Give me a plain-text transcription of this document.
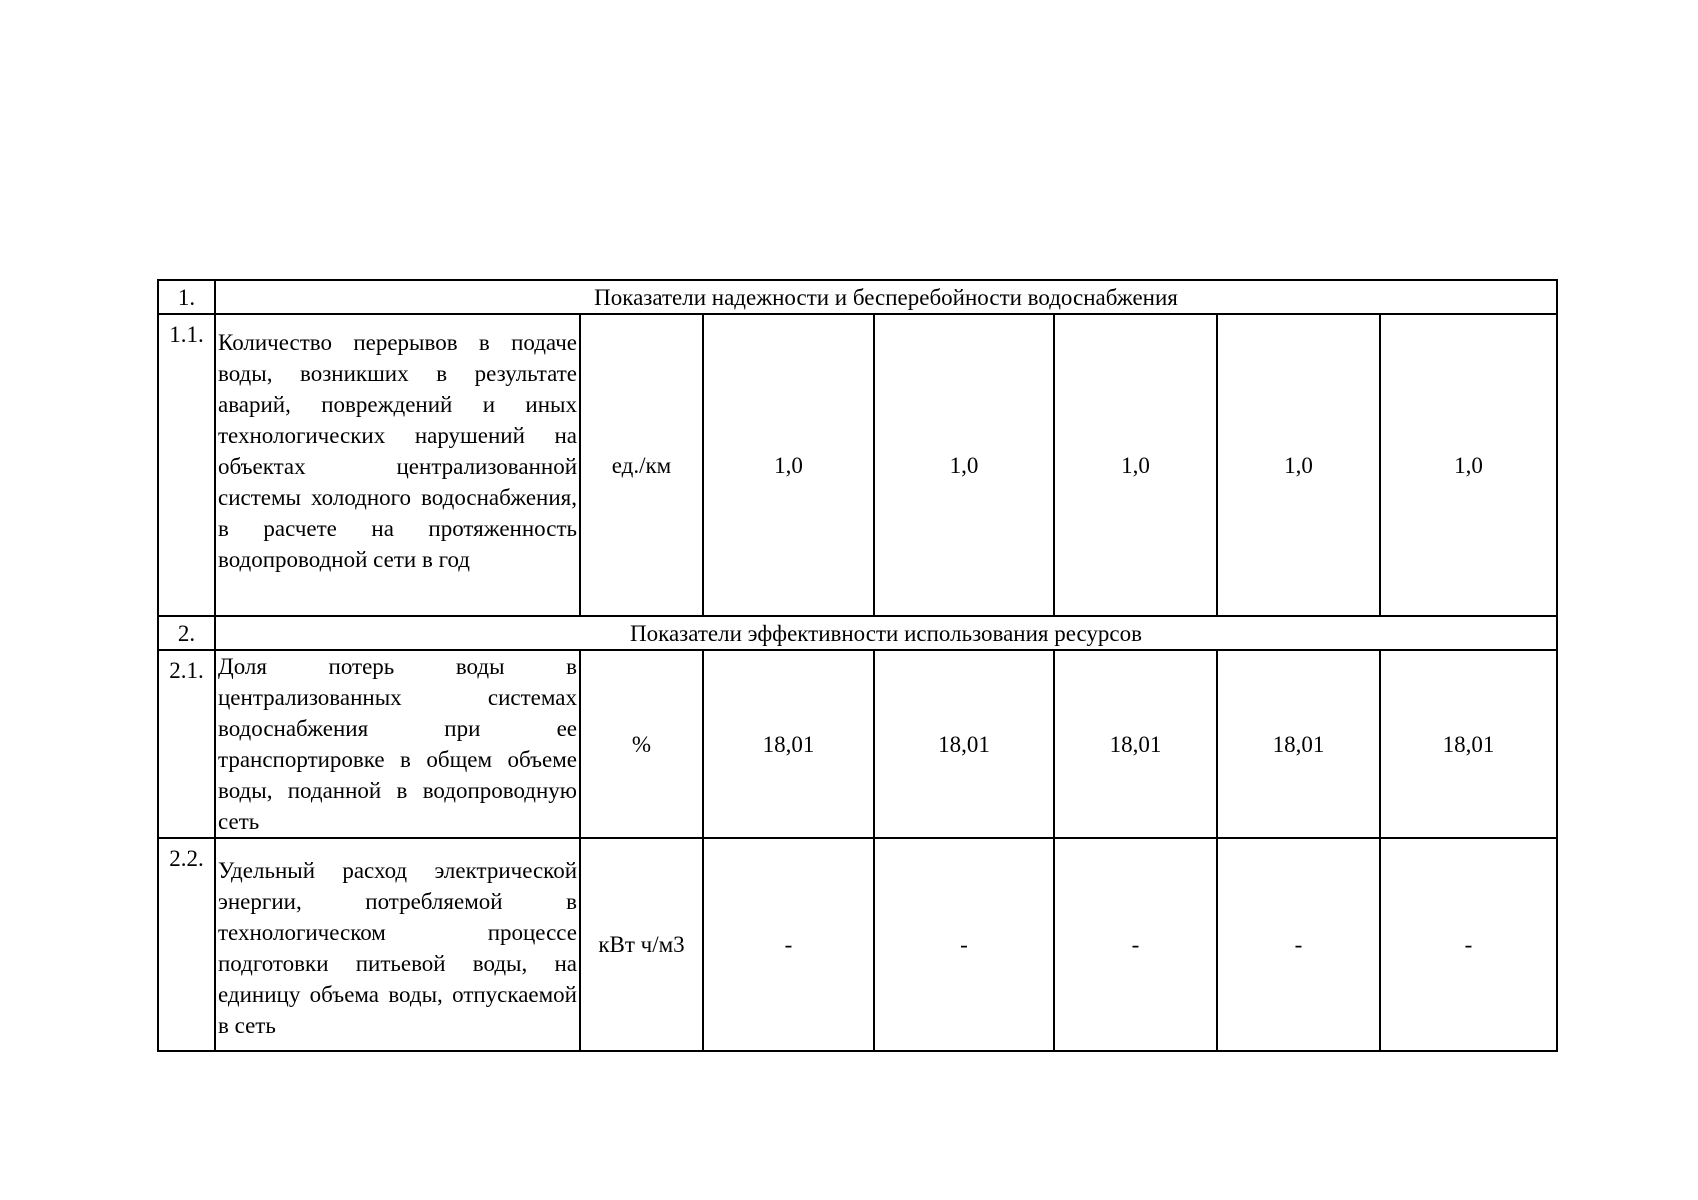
1.	Показатели надежности и бесперебойности водоснабжения						
1.1.	Количество перерывов в подаче воды, возникших в результате аварий, повреждений и иных технологических нарушений на объектах централизованной системы холодного водоснабжения, в расчете на протяженность водопроводной сети в год	ед./км	1,0	1,0	1,0	1,0	1,0
2.	Показатели эффективности использования ресурсов						
2.1.	Доля потерь воды в централизованных системах водоснабжения при ее транспортировке в общем объеме воды, поданной в водопроводную сеть	%	18,01	18,01	18,01	18,01	18,01
2.2.	Удельный расход электрической энергии, потребляемой в технологическом процессе подготовки питьевой воды, на единицу объема воды, отпускаемой в сеть	кВт ч/м3	-	-	-	-	-
